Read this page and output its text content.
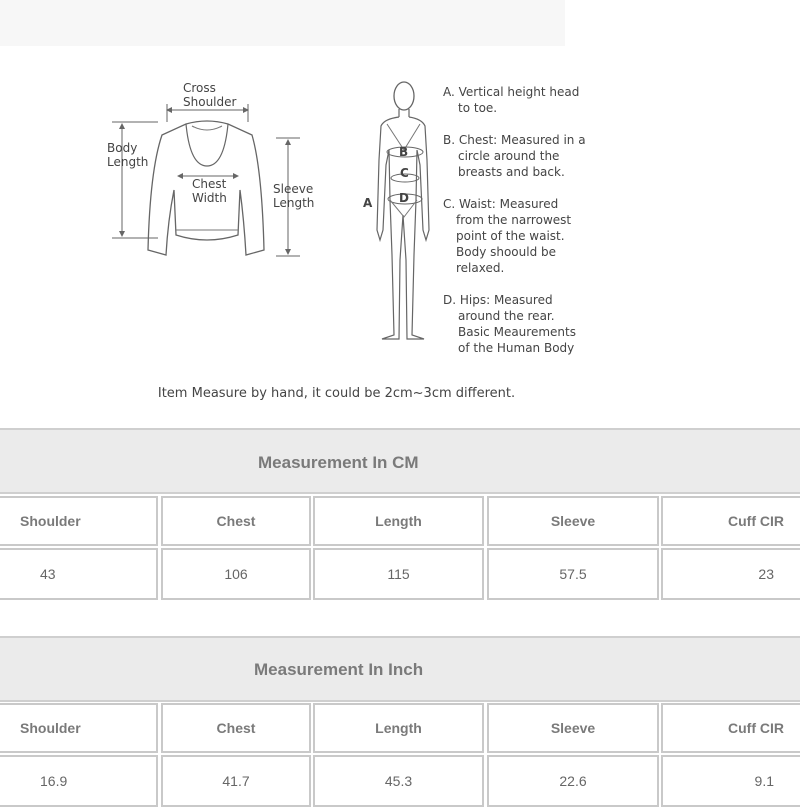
Cross
Shoulder
Body
Length
Chest
Width
Sleeve
Length
B
C
D
A
A. Vertical height head
to toe.
B. Chest: Measured in a
circle around the
breasts and back.
C. Waist: Measured
from the narrowest
point of the waist.
Body shoould be
relaxed.
D. Hips: Measured
around the rear.
Basic Meaurements
of the Human Body
Item Measure by hand, it could be 2cm~3cm different.
Measurement In CM
Shoulder	Chest	Length	Sleeve	Cuff CIR
43	106	115	57.5	23
Measurement In Inch
Shoulder	Chest	Length	Sleeve	Cuff CIR
16.9	41.7	45.3	22.6	9.1
